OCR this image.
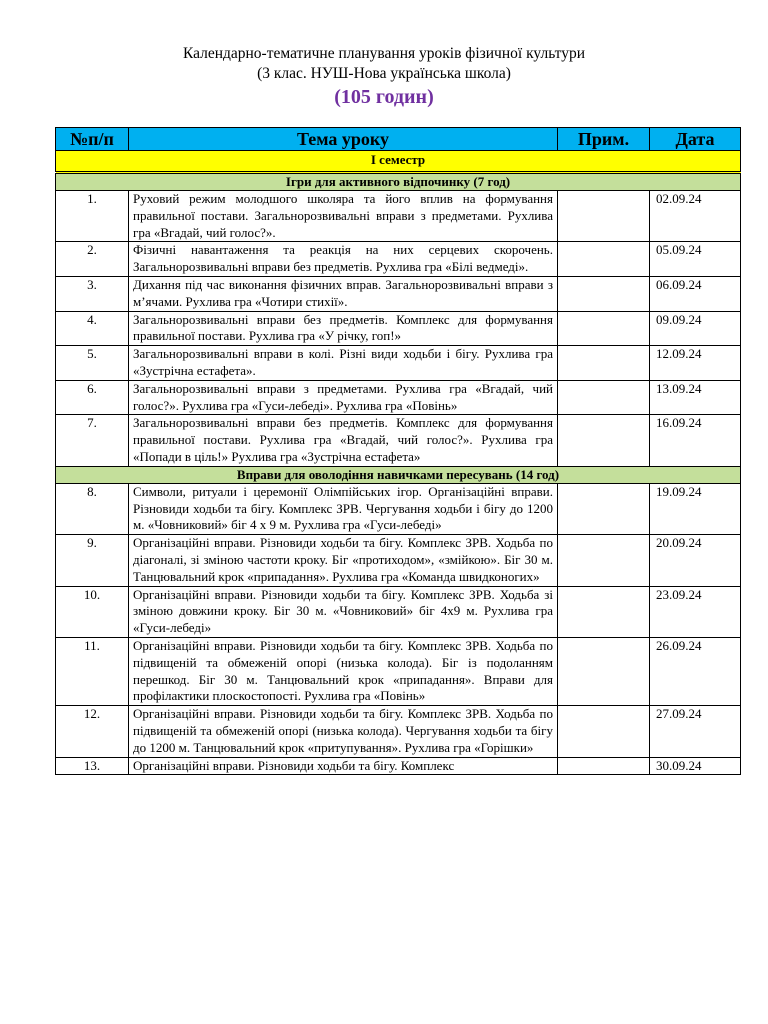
Календарно-тематичне планування уроків фізичної культури
(3 клас. НУШ-Нова українська школа)
(105 годин)
№п/п	Тема уроку	Прим.	Дата
І семестр			
Ігри для активного відпочинку (7 год)			
1.	Руховий режим молодшого школяра та його вплив на формування правильної постави. Загальнорозвивальні вправи з предметами. Рухлива гра «Вгадай, чий голос?».		02.09.24
2.	Фізичні навантаження та реакція на них серцевих скорочень. Загальнорозвивальні вправи без предметів. Рухлива гра «Білі ведмеді».		05.09.24
3.	Дихання під час виконання фізичних вправ. Загальнорозвивальні вправи з м’ячами. Рухлива гра «Чотири стихії».		06.09.24
4.	Загальнорозвивальні вправи без предметів. Комплекс для формування правильної постави. Рухлива гра «У річку, гоп!»		09.09.24
5.	Загальнорозвивальні вправи в колі. Різні види ходьби і бігу. Рухлива гра «Зустрічна естафета».		12.09.24
6.	Загальнорозвивальні вправи з предметами. Рухлива гра «Вгадай, чий голос?». Рухлива гра «Гуси-лебеді». Рухлива гра «Повінь»		13.09.24
7.	Загальнорозвивальні вправи без предметів. Комплекс для формування правильної постави. Рухлива гра «Вгадай, чий голос?». Рухлива гра «Попади в ціль!» Рухлива гра «Зустрічна естафета»		16.09.24
Вправи для оволодіння навичками пересувань (14 год)			
8.	Символи, ритуали і церемонії Олімпійських ігор. Організаційні вправи. Різновиди ходьби та бігу. Комплекс ЗРВ. Чергування ходьби і бігу до 1200 м. «Човниковий» біг 4 х 9 м. Рухлива гра «Гуси-лебеді»		19.09.24
9.	Організаційні вправи. Різновиди ходьби та бігу. Комплекс ЗРВ. Ходьба по діагоналі, зі зміною частоти кроку. Біг «протиходом», «змійкою». Біг 30 м. Танцювальний крок «припадання». Рухлива гра «Команда швидконогих»		20.09.24
10.	Організаційні вправи. Різновиди ходьби та бігу. Комплекс ЗРВ. Ходьба зі зміною довжини кроку. Біг 30 м. «Човниковий» біг 4х9 м. Рухлива гра «Гуси-лебеді»		23.09.24
11.	Організаційні вправи. Різновиди ходьби та бігу. Комплекс ЗРВ. Ходьба по підвищеній та обмеженій опорі (низька колода). Біг із подоланням перешкод. Біг 30 м. Танцювальний крок «припадання». Вправи для профілактики плоскостопості. Рухлива гра «Повінь»		26.09.24
12.	Організаційні вправи. Різновиди ходьби та бігу. Комплекс ЗРВ. Ходьба по підвищеній та обмеженій опорі (низька колода). Чергування ходьби та бігу до 1200 м. Танцювальний крок «притупування». Рухлива гра «Горішки»		27.09.24
13.	Організаційні вправи. Різновиди ходьби та бігу. Комплекс		30.09.24
